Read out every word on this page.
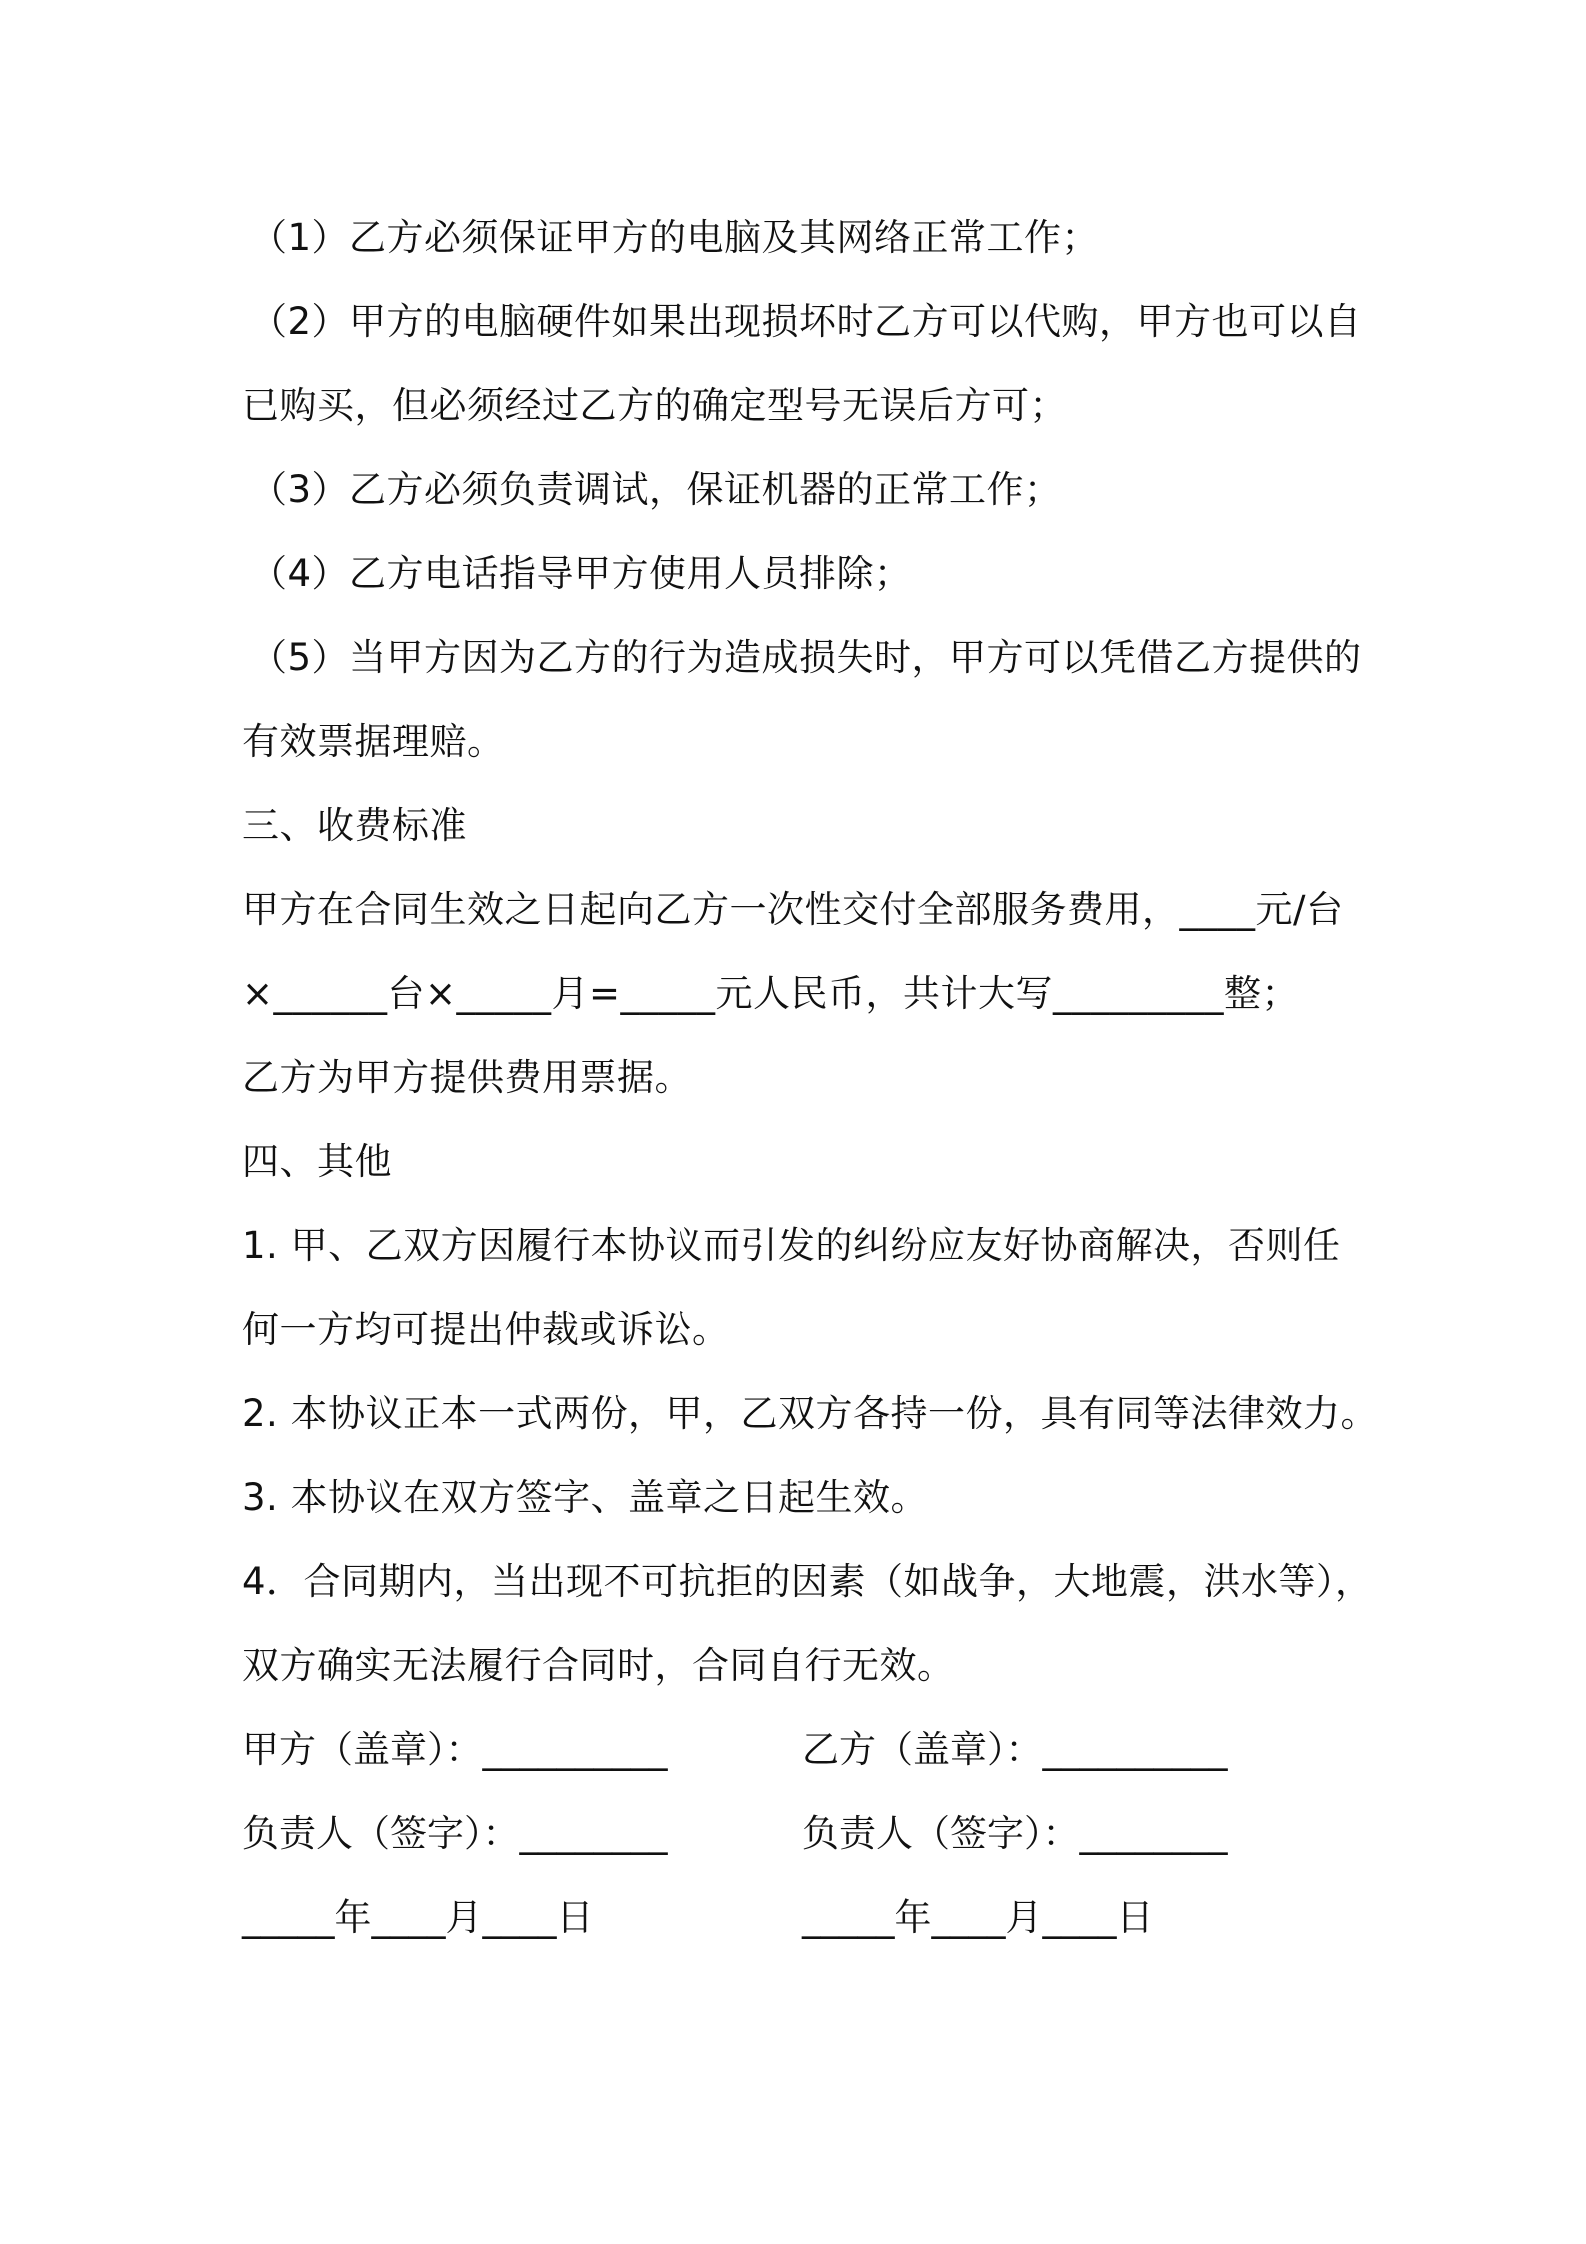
（1）乙方必须保证甲方的电脑及其网络正常工作；
（2）甲方的电脑硬件如果出现损坏时乙方可以代购，甲方也可以自
已购买，但必须经过乙方的确定型号无误后方可；
（3）乙方必须负责调试，保证机器的正常工作；
（4）乙方电话指导甲方使用人员排除；
（5）当甲方因为乙方的行为造成损失时，甲方可以凭借乙方提供的
有效票据理赔。
三、收费标准
甲方在合同生效之日起向乙方一次性交付全部服务费用，____元/台
×______台×_____月=_____元人民币，共计大写_________整；
乙方为甲方提供费用票据。
四、其他
1. 甲、乙双方因履行本协议而引发的纠纷应友好协商解决，否则任
何一方均可提出仲裁或诉讼。
2. 本协议正本一式两份，甲，乙双方各持一份，具有同等法律效力。
3. 本协议在双方签字、盖章之日起生效。
4．合同期内，当出现不可抗拒的因素（如战争，大地震，洪水等），
双方确实无法履行合同时，合同自行无效。
甲方（盖章）：__________	乙方（盖章）：__________
负责人（签字）：________	负责人（签字）：________
_____年____月____日	_____年____月____日
